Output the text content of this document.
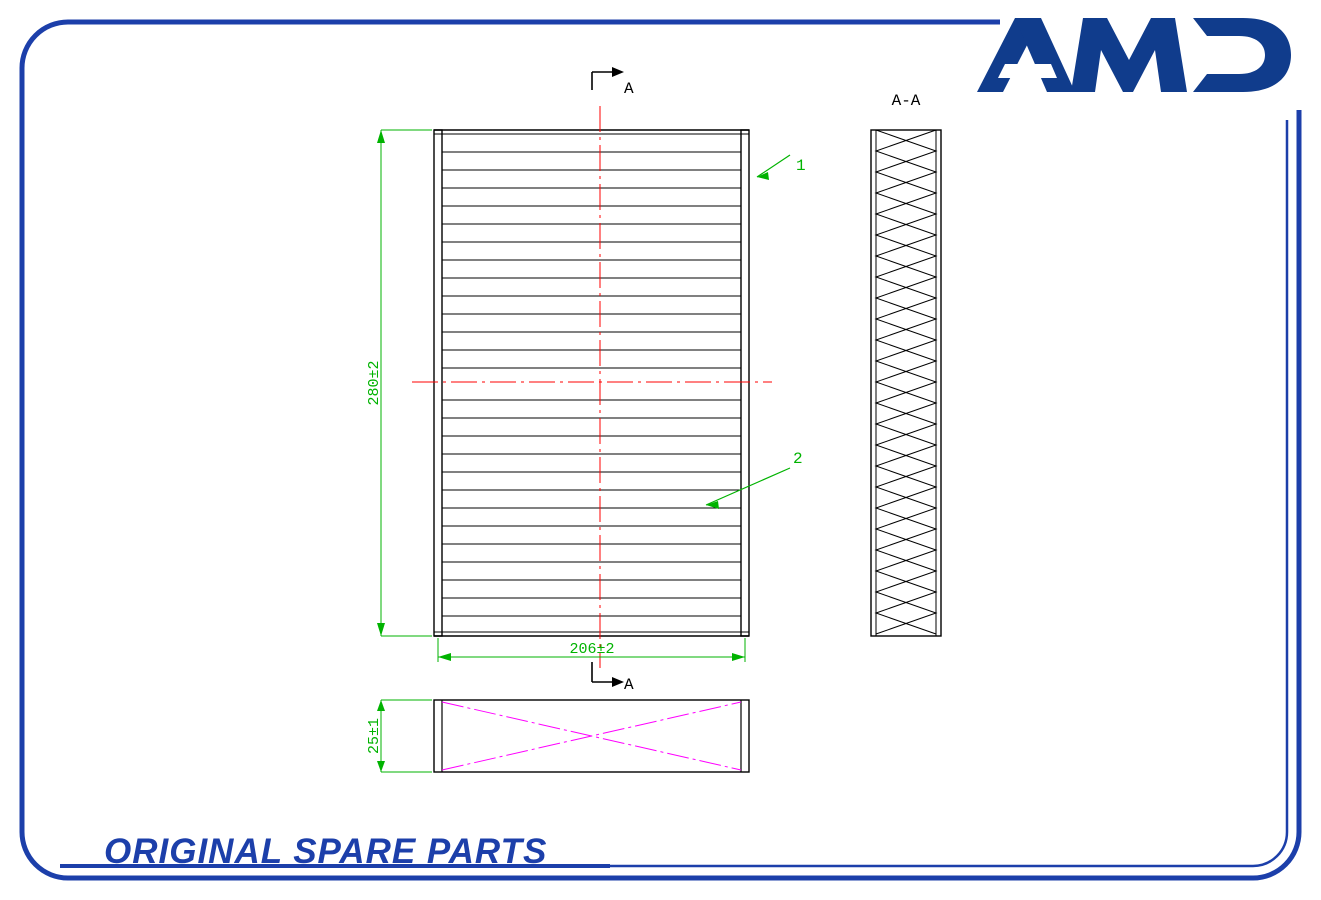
A
A
280±2
206±2
1
2
A-A
25±1
ORIGINAL SPARE PARTS
